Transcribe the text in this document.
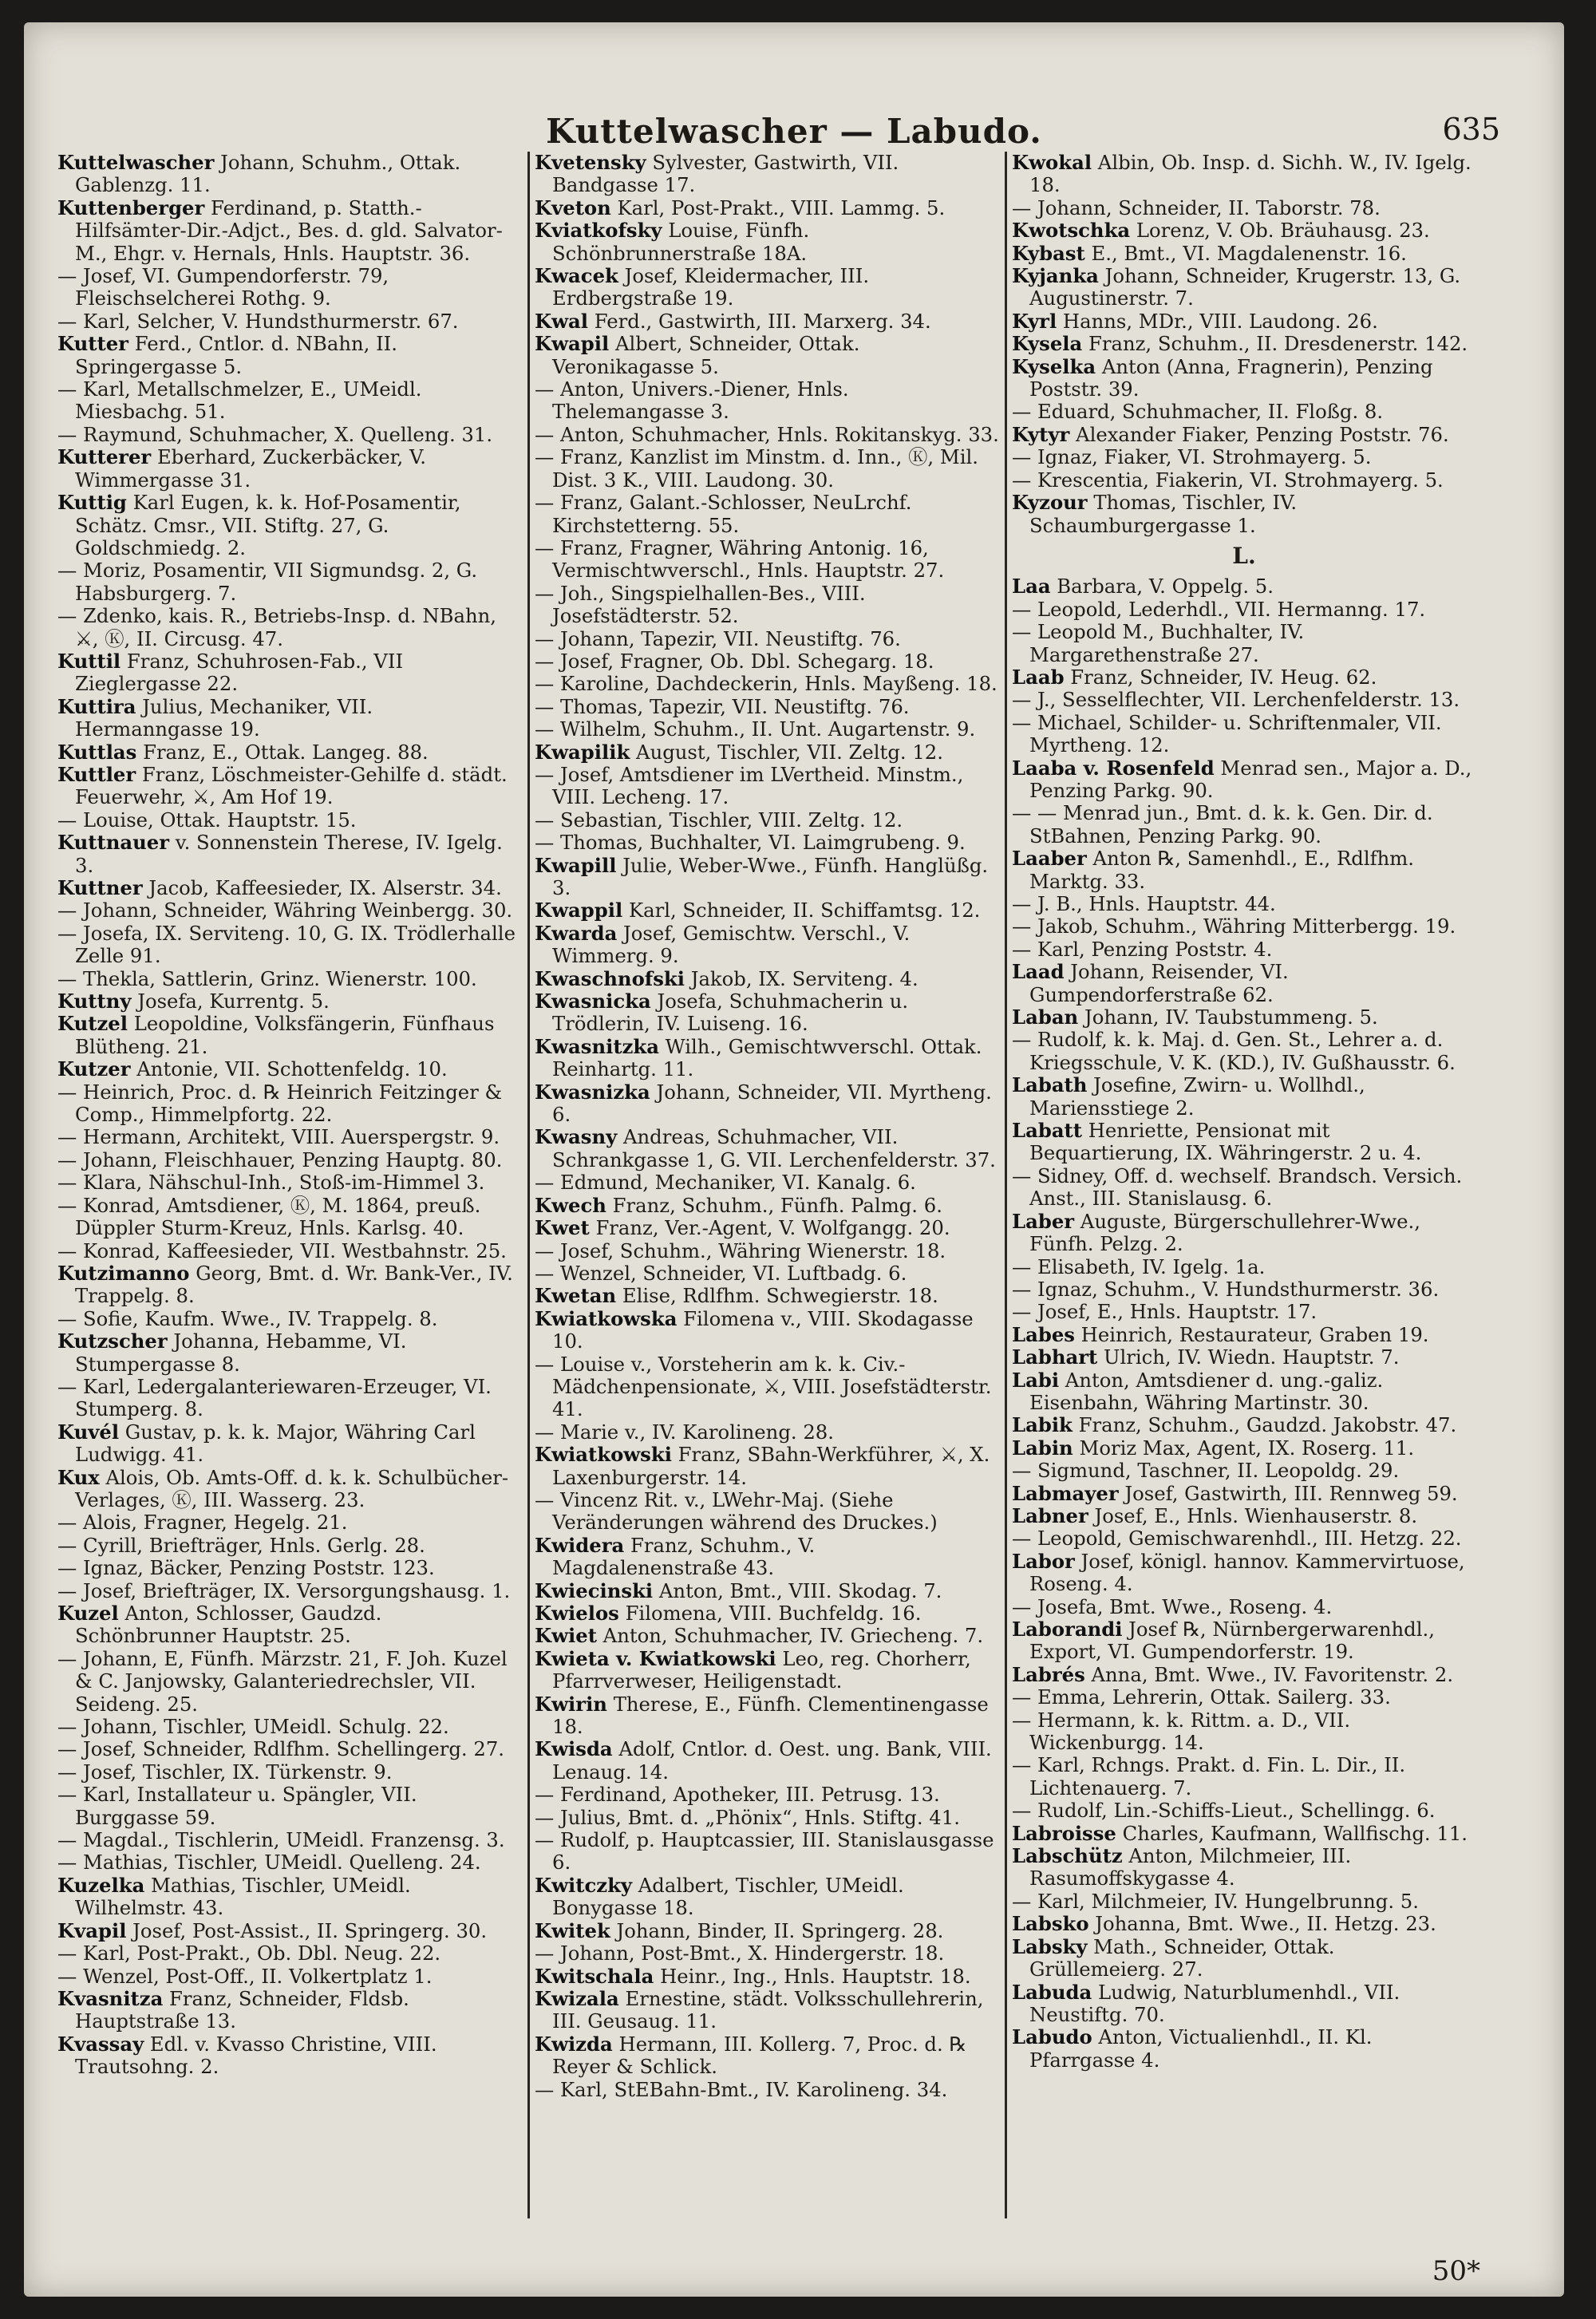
Kuttelwascher — Labudo.	635

Kuttelwascher Johann, Schuhm., Ottak. Gablenzg. 11.

Kuttenberger Ferdinand, p. Statth.-Hilfsämter-Dir.-Adjct., Bes. d. gld. Salvator-M., Ehgr. v. Hernals, Hnls. Hauptstr. 36.

— Josef, VI. Gumpendorferstr. 79, Fleischselcherei Rothg. 9.

— Karl, Selcher, V. Hundsthurmerstr. 67.

Kutter Ferd., Cntlor. d. NBahn, II. Springergasse 5.

— Karl, Metallschmelzer, E., UMeidl. Miesbachg. 51.

— Raymund, Schuhmacher, X. Quelleng. 31.

Kutterer Eberhard, Zuckerbäcker, V. Wimmergasse 31.

Kuttig Karl Eugen, k. k. Hof-Posamentir, Schätz. Cmsr., VII. Stiftg. 27, G. Goldschmiedg. 2.

— Moriz, Posamentir, VII Sigmundsg. 2, G. Habsburgerg. 7.

— Zdenko, kais. R., Betriebs-Insp. d. NBahn, ⚔, Ⓚ, II. Circusg. 47.

Kuttil Franz, Schuhrosen-Fab., VII Zieglergasse 22.

Kuttira Julius, Mechaniker, VII. Hermanngasse 19.

Kuttlas Franz, E., Ottak. Langeg. 88.

Kuttler Franz, Löschmeister-Gehilfe d. städt. Feuerwehr, ⚔, Am Hof 19.

— Louise, Ottak. Hauptstr. 15.

Kuttnauer v. Sonnenstein Therese, IV. Igelg. 3.

Kuttner Jacob, Kaffeesieder, IX. Alserstr. 34.

— Johann, Schneider, Währing Weinbergg. 30.

— Josefa, IX. Serviteng. 10, G. IX. Trödlerhalle Zelle 91.

— Thekla, Sattlerin, Grinz. Wienerstr. 100.

Kuttny Josefa, Kurrentg. 5.

Kutzel Leopoldine, Volksfängerin, Fünfhaus Blütheng. 21.

Kutzer Antonie, VII. Schottenfeldg. 10.

— Heinrich, Proc. d. ℞ Heinrich Feitzinger & Comp., Himmelpfortg. 22.

— Hermann, Architekt, VIII. Auerspergstr. 9.

— Johann, Fleischhauer, Penzing Hauptg. 80.

— Klara, Nähschul-Inh., Stoß-im-Himmel 3.

— Konrad, Amtsdiener, Ⓚ, M. 1864, preuß. Düppler Sturm-Kreuz, Hnls. Karlsg. 40.

— Konrad, Kaffeesieder, VII. Westbahnstr. 25.

Kutzimanno Georg, Bmt. d. Wr. Bank-Ver., IV. Trappelg. 8.

— Sofie, Kaufm. Wwe., IV. Trappelg. 8.

Kutzscher Johanna, Hebamme, VI. Stumpergasse 8.

— Karl, Ledergalanteriewaren-Erzeuger, VI. Stumperg. 8.

Kuvél Gustav, p. k. k. Major, Währing Carl Ludwigg. 41.

Kux Alois, Ob. Amts-Off. d. k. k. Schulbücher-Verlages, Ⓚ, III. Wasserg. 23.

— Alois, Fragner, Hegelg. 21.

— Cyrill, Briefträger, Hnls. Gerlg. 28.

— Ignaz, Bäcker, Penzing Poststr. 123.

— Josef, Briefträger, IX. Versorgungshausg. 1.

Kuzel Anton, Schlosser, Gaudzd. Schönbrunner Hauptstr. 25.

— Johann, E, Fünfh. Märzstr. 21, F. Joh. Kuzel & C. Janjowsky, Galanteriedrechsler, VII. Seideng. 25.

— Johann, Tischler, UMeidl. Schulg. 22.

— Josef, Schneider, Rdlfhm. Schellingerg. 27.

— Josef, Tischler, IX. Türkenstr. 9.

— Karl, Installateur u. Spängler, VII. Burggasse 59.

— Magdal., Tischlerin, UMeidl. Franzensg. 3.

— Mathias, Tischler, UMeidl. Quelleng. 24.

Kuzelka Mathias, Tischler, UMeidl. Wilhelmstr. 43.

Kvapil Josef, Post-Assist., II. Springerg. 30.

— Karl, Post-Prakt., Ob. Dbl. Neug. 22.

— Wenzel, Post-Off., II. Volkertplatz 1.

Kvasnitza Franz, Schneider, Fldsb. Hauptstraße 13.

Kvassay Edl. v. Kvasso Christine, VIII. Trautsohng. 2.

Kvetensky Sylvester, Gastwirth, VII. Bandgasse 17.

Kveton Karl, Post-Prakt., VIII. Lammg. 5.

Kviatkofsky Louise, Fünfh. Schönbrunnerstraße 18A.

Kwacek Josef, Kleidermacher, III. Erdbergstraße 19.

Kwal Ferd., Gastwirth, III. Marxerg. 34.

Kwapil Albert, Schneider, Ottak. Veronikagasse 5.

— Anton, Univers.-Diener, Hnls. Thelemangasse 3.

— Anton, Schuhmacher, Hnls. Rokitanskyg. 33.

— Franz, Kanzlist im Minstm. d. Inn., Ⓚ, Mil. Dist. 3 K., VIII. Laudong. 30.

— Franz, Galant.-Schlosser, NeuLrchf. Kirchstetterng. 55.

— Franz, Fragner, Währing Antonig. 16, Vermischtwverschl., Hnls. Hauptstr. 27.

— Joh., Singspielhallen-Bes., VIII. Josefstädterstr. 52.

— Johann, Tapezir, VII. Neustiftg. 76.

— Josef, Fragner, Ob. Dbl. Schegarg. 18.

— Karoline, Dachdeckerin, Hnls. Mayßeng. 18.

— Thomas, Tapezir, VII. Neustiftg. 76.

— Wilhelm, Schuhm., II. Unt. Augartenstr. 9.

Kwapilik August, Tischler, VII. Zeltg. 12.

— Josef, Amtsdiener im LVertheid. Minstm., VIII. Lecheng. 17.

— Sebastian, Tischler, VIII. Zeltg. 12.

— Thomas, Buchhalter, VI. Laimgrubeng. 9.

Kwapill Julie, Weber-Wwe., Fünfh. Hanglüßg. 3.

Kwappil Karl, Schneider, II. Schiffamtsg. 12.

Kwarda Josef, Gemischtw. Verschl., V. Wimmerg. 9.

Kwaschnofski Jakob, IX. Serviteng. 4.

Kwasnicka Josefa, Schuhmacherin u. Trödlerin, IV. Luiseng. 16.

Kwasnitzka Wilh., Gemischtwverschl. Ottak. Reinhartg. 11.

Kwasnizka Johann, Schneider, VII. Myrtheng. 6.

Kwasny Andreas, Schuhmacher, VII. Schrankgasse 1, G. VII. Lerchenfelderstr. 37.

— Edmund, Mechaniker, VI. Kanalg. 6.

Kwech Franz, Schuhm., Fünfh. Palmg. 6.

Kwet Franz, Ver.-Agent, V. Wolfgangg. 20.

— Josef, Schuhm., Währing Wienerstr. 18.

— Wenzel, Schneider, VI. Luftbadg. 6.

Kwetan Elise, Rdlfhm. Schwegierstr. 18.

Kwiatkowska Filomena v., VIII. Skodagasse 10.

— Louise v., Vorsteherin am k. k. Civ.-Mädchenpensionate, ⚔, VIII. Josefstädterstr. 41.

— Marie v., IV. Karolineng. 28.

Kwiatkowski Franz, SBahn-Werkführer, ⚔, X. Laxenburgerstr. 14.

— Vincenz Rit. v., LWehr-Maj. (Siehe Veränderungen während des Druckes.)

Kwidera Franz, Schuhm., V. Magdalenenstraße 43.

Kwiecinski Anton, Bmt., VIII. Skodag. 7.

Kwielos Filomena, VIII. Buchfeldg. 16.

Kwiet Anton, Schuhmacher, IV. Griecheng. 7.

Kwieta v. Kwiatkowski Leo, reg. Chorherr, Pfarrverweser, Heiligenstadt.

Kwirin Therese, E., Fünfh. Clementinengasse 18.

Kwisda Adolf, Cntlor. d. Oest. ung. Bank, VIII. Lenaug. 14.

— Ferdinand, Apotheker, III. Petrusg. 13.

— Julius, Bmt. d. „Phönix“, Hnls. Stiftg. 41.

— Rudolf, p. Hauptcassier, III. Stanislausgasse 6.

Kwitczky Adalbert, Tischler, UMeidl. Bonygasse 18.

Kwitek Johann, Binder, II. Springerg. 28.

— Johann, Post-Bmt., X. Hindergerstr. 18.

Kwitschala Heinr., Ing., Hnls. Hauptstr. 18.

Kwizala Ernestine, städt. Volksschullehrerin, III. Geusaug. 11.

Kwizda Hermann, III. Kollerg. 7, Proc. d. ℞ Reyer & Schlick.

— Karl, StEBahn-Bmt., IV. Karolineng. 34.

Kwokal Albin, Ob. Insp. d. Sichh. W., IV. Igelg. 18.

— Johann, Schneider, II. Taborstr. 78.

Kwotschka Lorenz, V. Ob. Bräuhausg. 23.

Kybast E., Bmt., VI. Magdalenenstr. 16.

Kyjanka Johann, Schneider, Krugerstr. 13, G. Augustinerstr. 7.

Kyrl Hanns, MDr., VIII. Laudong. 26.

Kysela Franz, Schuhm., II. Dresdenerstr. 142.

Kyselka Anton (Anna, Fragnerin), Penzing Poststr. 39.

— Eduard, Schuhmacher, II. Floßg. 8.

Kytyr Alexander Fiaker, Penzing Poststr. 76.

— Ignaz, Fiaker, VI. Strohmayerg. 5.

— Krescentia, Fiakerin, VI. Strohmayerg. 5.

Kyzour Thomas, Tischler, IV. Schaumburgergasse 1.

L.

Laa Barbara, V. Oppelg. 5.

— Leopold, Lederhdl., VII. Hermanng. 17.

— Leopold M., Buchhalter, IV. Margarethenstraße 27.

Laab Franz, Schneider, IV. Heug. 62.

— J., Sesselflechter, VII. Lerchenfelderstr. 13.

— Michael, Schilder- u. Schriftenmaler, VII. Myrtheng. 12.

Laaba v. Rosenfeld Menrad sen., Major a. D., Penzing Parkg. 90.

— — Menrad jun., Bmt. d. k. k. Gen. Dir. d. StBahnen, Penzing Parkg. 90.

Laaber Anton ℞, Samenhdl., E., Rdlfhm. Marktg. 33.

— J. B., Hnls. Hauptstr. 44.

— Jakob, Schuhm., Währing Mitterbergg. 19.

— Karl, Penzing Poststr. 4.

Laad Johann, Reisender, VI. Gumpendorferstraße 62.

Laban Johann, IV. Taubstummeng. 5.

— Rudolf, k. k. Maj. d. Gen. St., Lehrer a. d. Kriegsschule, V. K. (KD.), IV. Gußhausstr. 6.

Labath Josefine, Zwirn- u. Wollhdl., Mariensstiege 2.

Labatt Henriette, Pensionat mit Bequartierung, IX. Währingerstr. 2 u. 4.

— Sidney, Off. d. wechself. Brandsch. Versich. Anst., III. Stanislausg. 6.

Laber Auguste, Bürgerschullehrer-Wwe., Fünfh. Pelzg. 2.

— Elisabeth, IV. Igelg. 1a.

— Ignaz, Schuhm., V. Hundsthurmerstr. 36.

— Josef, E., Hnls. Hauptstr. 17.

Labes Heinrich, Restaurateur, Graben 19.

Labhart Ulrich, IV. Wiedn. Hauptstr. 7.

Labi Anton, Amtsdiener d. ung.-galiz. Eisenbahn, Währing Martinstr. 30.

Labik Franz, Schuhm., Gaudzd. Jakobstr. 47.

Labin Moriz Max, Agent, IX. Roserg. 11.

— Sigmund, Taschner, II. Leopoldg. 29.

Labmayer Josef, Gastwirth, III. Rennweg 59.

Labner Josef, E., Hnls. Wienhauserstr. 8.

— Leopold, Gemischwarenhdl., III. Hetzg. 22.

Labor Josef, königl. hannov. Kammervirtuose, Roseng. 4.

— Josefa, Bmt. Wwe., Roseng. 4.

Laborandi Josef ℞, Nürnbergerwarenhdl., Export, VI. Gumpendorferstr. 19.

Labrés Anna, Bmt. Wwe., IV. Favoritenstr. 2.

— Emma, Lehrerin, Ottak. Sailerg. 33.

— Hermann, k. k. Rittm. a. D., VII. Wickenburgg. 14.

— Karl, Rchngs. Prakt. d. Fin. L. Dir., II. Lichtenauerg. 7.

— Rudolf, Lin.-Schiffs-Lieut., Schellingg. 6.

Labroisse Charles, Kaufmann, Wallfischg. 11.

Labschütz Anton, Milchmeier, III. Rasumoffskygasse 4.

— Karl, Milchmeier, IV. Hungelbrunng. 5.

Labsko Johanna, Bmt. Wwe., II. Hetzg. 23.

Labsky Math., Schneider, Ottak. Grüllemeierg. 27.

Labuda Ludwig, Naturblumenhdl., VII. Neustiftg. 70.

Labudo Anton, Victualienhdl., II. Kl. Pfarrgasse 4.

50*
